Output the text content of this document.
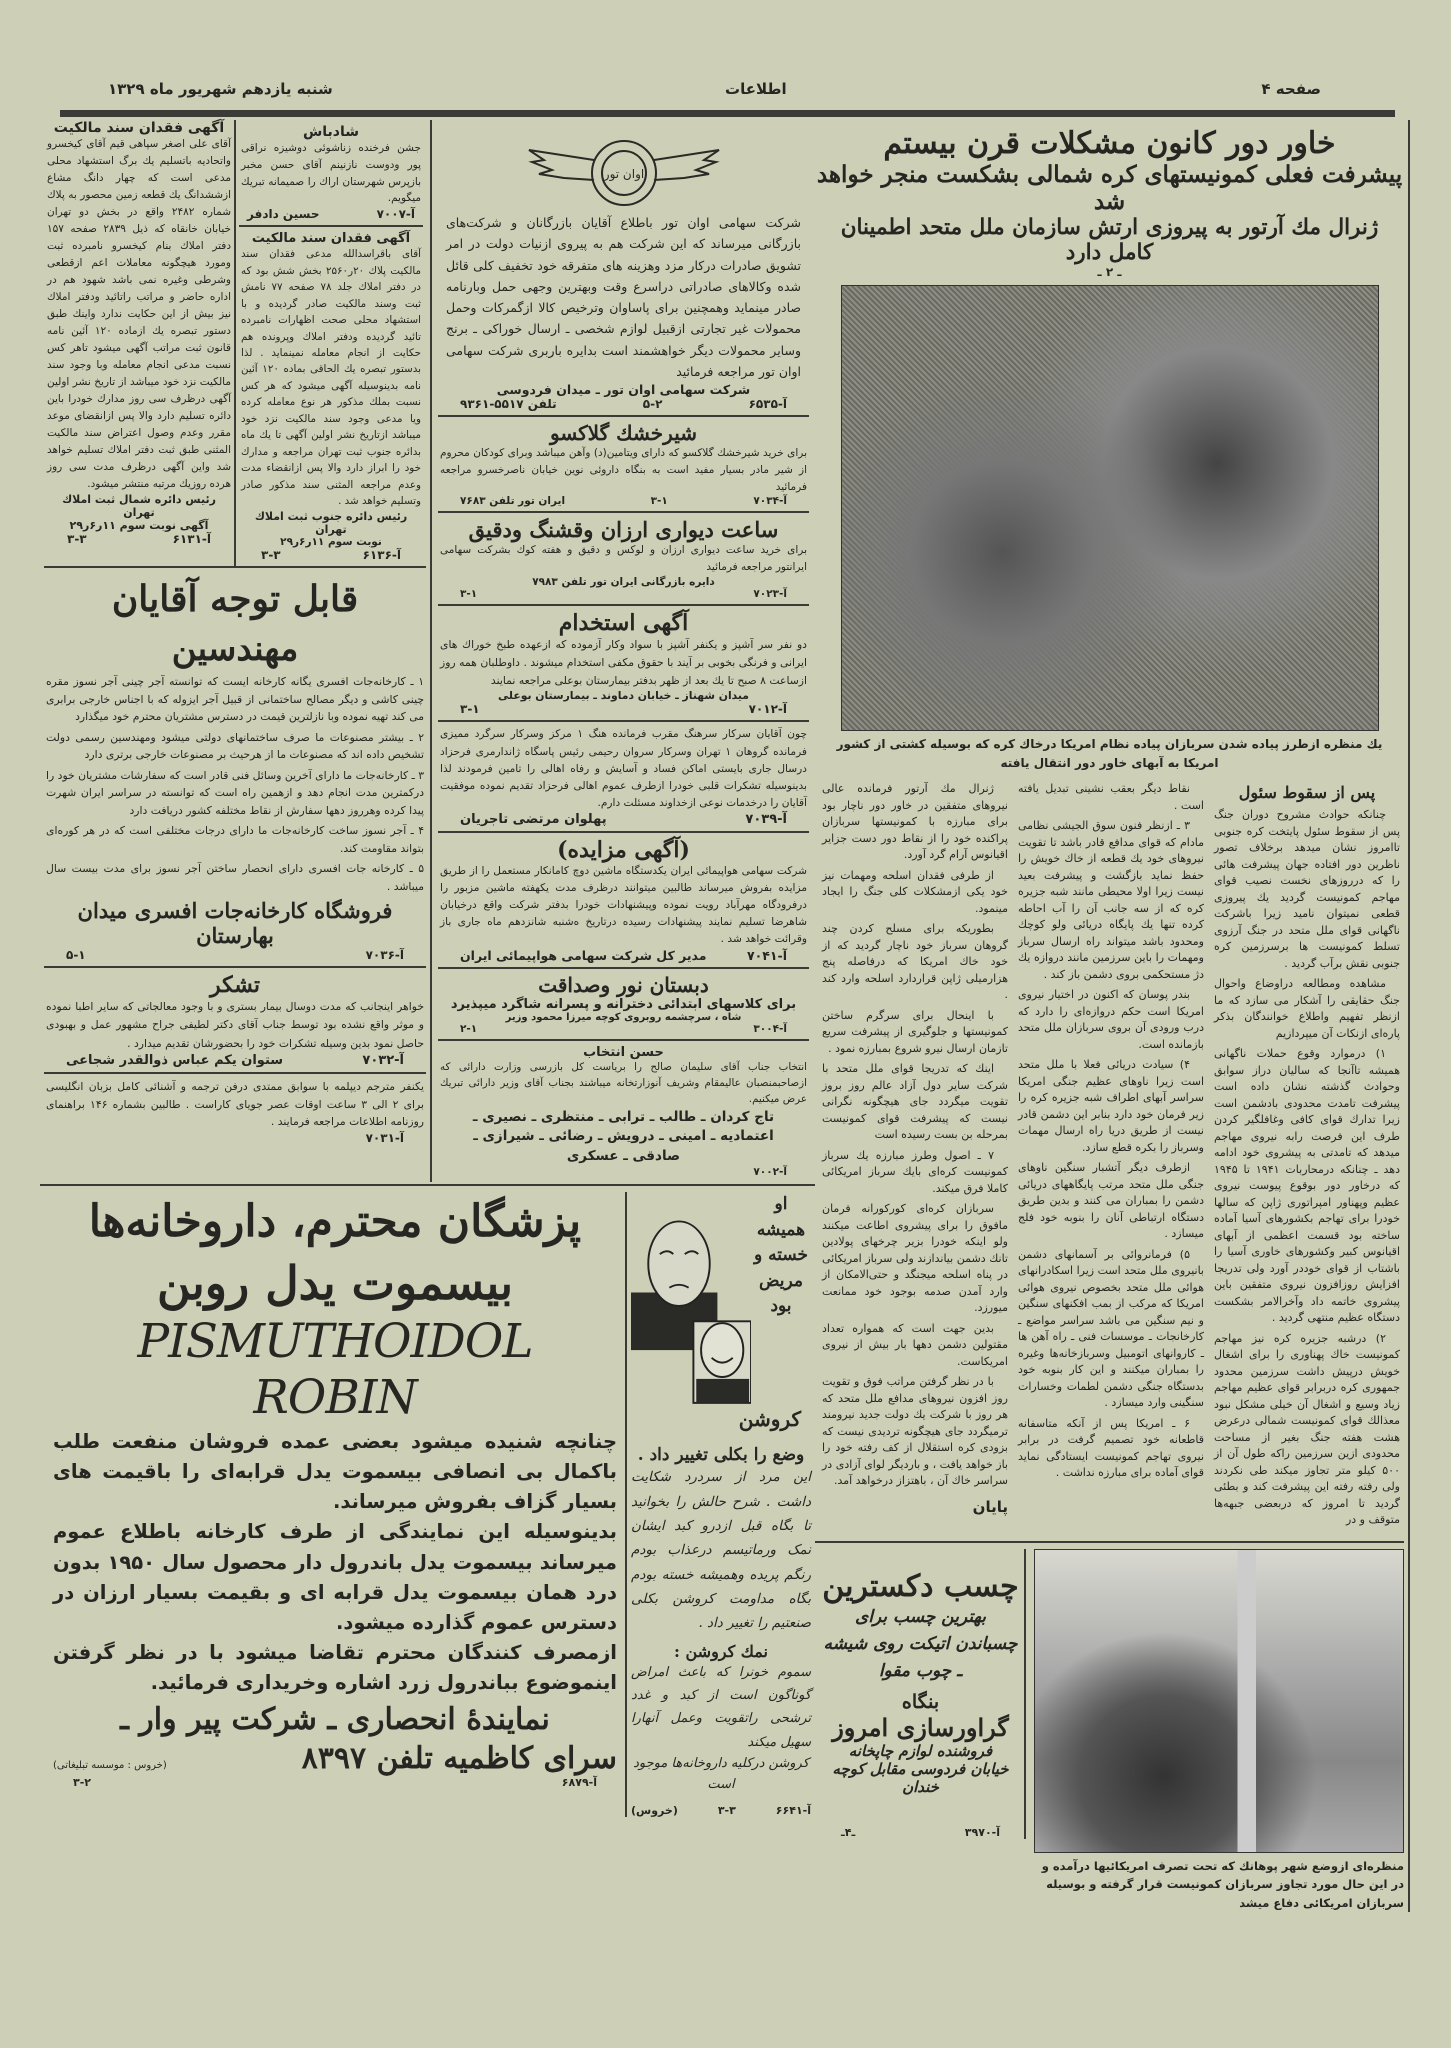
صفحه ۴
اطلاعات
شنبه یازدهم شهریور ماه ۱۳۲۹
اوان تور
شرکت سهامی اوان تور باطلاع آقایان بازرگانان و شرکت‌های بازرگانی میرساند که این شرکت هم به پیروی ازنیات دولت در امر تشویق صادرات درکار مزد وهزینه های متفرقه خود تخفیف کلی قائل شده وکالاهای صادراتی دراسرع وقت وبهترین وجهی حمل وبارنامه صادر مینماید وهمچنین برای پاساوان وترخیص کالا ازگمرکات وحمل محمولات غیر تجارتی ازقبیل لوازم شخصی ـ ارسال خوراکی ـ برنج وسایر محمولات دیگر خواهشمند است بدایره باربری شرکت سهامی اوان تور مراجعه فرمائید
شرکت سهامی اوان تور ـ میدان فردوسی
آ-۶۵۳۵
۵-۲
تلفن ۵۵۱۷-۹۳۶۱
شیرخشك گلاکسو
برای خرید شیرخشك گلاکسو که دارای ویتامین(د) وآهن میباشد وبرای کودکان محروم از شیر مادر بسیار مفید است به بنگاه داروئی نوین خیابان ناصرخسرو مراجعه فرمائید
آ-۷۰۳۴
۳-۱
ایران تور تلفن ۷۶۸۳
ساعت دیواری ارزان وقشنگ ودقیق
برای خرید ساعت دیواری ارزان و لوکس و دقیق و هفته کوك بشرکت سهامی ایرانتور مراجعه فرمائید
دایره بازرگانی ایران تور تلفن ۷۹۸۳
آ-۷۰۲۳
۳-۱
آگهی استخدام
دو نفر سر آشپز و یکنفر آشپز با سواد وکار آزموده که ازعهده طبخ خوراك های ایرانی و فرنگی بخوبی بر آیند با حقوق مکفی استخدام میشوند . داوطلبان همه روز ازساعت ۸ صبح تا یك بعد از ظهر بدفتر بیمارستان بوعلی مراجعه نمایند
میدان شهناز ـ خیابان دماوند ـ بیمارستان بوعلی
آ-۷۰۱۲
۳-۱
چون آقایان سرکار سرهنگ مقرب فرمانده هنگ ۱ مرکز وسرکار سرگرد ممیزی فرمانده گروهان ۱ تهران وسرکار سروان رحیمی رئیس پاسگاه ژاندارمری فرحزاد درسال جاری بایستی اماکن فساد و آسایش و رفاه اهالی را تامین فرمودند لذا بدینوسیله تشکرات قلبی خودرا ازطرف عموم اهالی فرحزاد تقدیم نموده موفقیت آقایان را درخدمات نوعی ازخداوند مسئلت دارم.
آ-۷۰۳۹
پهلوان مرتضی تاجریان
(آگهی مزایده)
شرکت سهامی هواپیمائی ایران یکدستگاه ماشین دوچ کامانکار مستعمل را از طریق مزایده بفروش میرساند طالبین میتوانند درظرف مدت یکهفته ماشین مزبور را درفرودگاه مهرآباد رویت نموده وپیشنهادات خودرا بدفتر شرکت واقع درخیابان شاهرضا تسلیم نمایند پیشنهادات رسیده درتاریخ ه‌شنبه شانزدهم ماه جاری باز وقرائت خواهد شد .
آ-۷۰۴۱
مدیر کل شرکت سهامی هواپیمائی ایران
دبستان نور وصداقت
برای کلاسهای ابتدائی دخترانه و پسرانه شاگرد میپذیرد
شاه ، سرچشمه روبروی کوچه میرزا محمود وزیر
آ-۳۰۰۴
۲-۱
حسن انتخاب
انتخاب جناب آقای سلیمان صالح را بریاست کل بازرسی وزارت دارائی که ازصاحبمنصبان عالیمقام وشریف آنوزارتخانه میباشند بجناب آقای وزیر دارائی تبریك عرض میکنیم.
تاج کردان ـ طالب ـ ترابی ـ منتظری ـ نصیری ـ
اعتمادیه ـ امینی ـ درویش ـ رضائی ـ شیرازی ـ
صادقی ـ عسکری
آ-۷۰۰۲
شادباش
جشن فرخنده زناشوئی دوشیزه نراقی پور ودوست نازنینم آقای حسن مخبر بازپرس شهرستان اراك را صمیمانه تبریك میگویم.
آ-۷۰۰۷
حسین دادفر
آگهی فقدان سند مالکیت
آقای باقراسدالله مدعی فقدان سند مالکیت پلاك ۲۰ر۲۵۶۰ بخش شش بود که در دفتر املاك جلد ۷۸ صفحه ۷۷ نامش ثبت وسند مالکیت صادر گردیده و با استشهاد محلی صحت اظهارات نامبرده تائید گردیده ودفتر املاك وپرونده هم حکایت از انجام معامله نمینماید . لذا بدستور تبصره یك الحاقی بماده ۱۲۰ آئین نامه بدینوسیله آگهی میشود که هر کس نسبت بملك مذکور هر نوع معامله کرده ویا مدعی وجود سند مالکیت نزد خود میباشد ازتاریخ نشر اولین آگهی تا یك ماه بدائره جنوب ثبت تهران مراجعه و مدارك خود را ابراز دارد والا پس ازانقضاء مدت وعدم مراجعه المثنی سند مذکور صادر وتسلیم خواهد شد .
رئیس دائره جنوب ثبت املاك تهران
نوبت سوم ۱۱ر۶ر۲۹
آ-۶۱۳۶
۳-۳
آگهی فقدان سند مالکیت
آقای علی اصغر سپاهی قیم آقای کیخسرو واتحادیه باتسلیم یك برگ استشهاد محلی مدعی است که چهار دانگ مشاع ازششدانگ یك قطعه زمین محصور به پلاك شماره ۲۴۸۲ واقع در بخش دو تهران خیابان خانقاه که ذیل ۲۸۳۹ صفحه ۱۵۷ دفتر املاك بنام کیخسرو نامبرده ثبت ومورد هیچگونه معاملات اعم ازقطعی وشرطی وغیره نمی باشد شهود هم در اداره حاضر و مراتب راتائید ودفتر املاك نیز بیش از این حکایت ندارد واینك طبق دستور تبصره یك ازماده ۱۲۰ آئین نامه قانون ثبت مراتب آگهی میشود تاهر کس نسبت مدعی انجام معامله وبا وجود سند مالکیت نزد خود میباشد از تاریخ نشر اولین آگهی درظرف سی روز مدارك خودرا باین دائره تسلیم دارد والا پس ازانقضای موعد مقرر وعدم وصول اعتراض سند مالکیت المثنی طبق ثبت دفتر املاك تسلیم خواهد شد واین آگهی درظرف مدت سی روز هرده روزیك مرتبه منتشر میشود.
رئیس دائره شمال ثبت املاك تهران
آگهی نوبت سوم ۱۱ر۶ر۲۹
آ-۶۱۳۱
۳-۳
قابل توجه آقایان
مهندسین

۱ ـ کارخانه‌جات افسری یگانه کارخانه ایست که توانسته آجر چینی آجر نسوز مقره چینی کاشی و دیگر مصالح ساختمانی از قبیل آجر ایزوله که با اجناس خارجی برابری می کند تهیه نموده وبا نازلترین قیمت در دسترس مشتریان محترم خود میگذارد

۲ ـ بیشتر مصنوعات ما صرف ساختمانهای دولتی میشود ومهندسین رسمی دولت تشخیص داده اند که مصنوعات ما از هرحیث بر مصنوعات خارجی برتری دارد

۳ ـ کارخانه‌جات ما دارای آخرین وسائل فنی قادر است که سفارشات مشتریان خود را درکمترین مدت انجام دهد و ازهمین راه است که توانسته در سراسر ایران شهرت پیدا کرده وهرروز دهها سفارش از نقاط مختلفه کشور دریافت دارد

۴ ـ آجر نسوز ساخت کارخانه‌جات ما دارای درجات مختلفی است که در هر کوره‌ای بتواند مقاومت کند.

۵ ـ کارخانه جات افسری دارای انحصار ساختن آجر نسوز برای مدت بیست سال میباشد .

فروشگاه کارخانه‌جات افسری میدان بهارستان
آ-۷۰۳۶
۵-۱
تشکر
خواهر اینجانب که مدت دوسال بیمار بستری و با وجود معالجاتی که سایر اطبا نموده و موثر واقع نشده بود توسط جناب آقای دکتر لطیفی جراح مشهور عمل و بهبودی حاصل نمود بدین وسیله تشکرات خود را بحضورشان تقدیم میدارد .
آ-۷۰۳۲
ستوان یکم عباس ذوالقدر شجاعی
یکنفر مترجم دیپلمه با سوابق ممتدی درفن ترجمه و آشنائی کامل بزبان انگلیسی برای ۲ الی ۳ ساعت اوقات عصر جویای کاراست . طالبین بشماره ۱۴۶ براهنمای روزنامه اطلاعات مراجعه فرمایند .
آ-۷۰۳۱
او همیشه خسته و مریض بود
کروشن
وضع را بکلی تغییر داد .
این مرد از سردرد شکایت داشت . شرح حالش را بخوانید تا بگاه قبل ازدرو کبد ایشان نمک ورماتیسم درعذاب بودم رنگم پریده وهمیشه خسته بودم بگاه مداومت کروشن بکلی صنعتیم را تغییر داد .
نمك کروشن :
سموم خونرا که باعث امراض گوناگون است از کبد و غدد ترشحی راتقویت وعمل آنهارا سهیل میکند
کروشن درکلیه داروخانه‌ها موجود است
آ-۶۶۴۱
۳-۳
(خروس)
پزشگان محترم، داروخانه‌ها
بیسموت یدل روبن
PISMUTHOIDOL ROBIN
چنانچه شنیده میشود بعضی عمده فروشان منفعت طلب باکمال بی انصافی بیسموت یدل قرابه‌ای را باقیمت های بسیار گزاف بفروش میرساند.
بدینوسیله این نمایندگی از طرف کارخانه باطلاع عموم میرساند بیسموت یدل باندرول دار محصول سال ۱۹۵۰ بدون درد همان بیسموت یدل قرابه ای و بقیمت بسیار ارزان در دسترس عموم گذارده میشود.
ازمصرف کنندگان محترم تقاضا میشود با در نظر گرفتن اینموضوع بباندرول زرد اشاره وخریداری فرمائید.
نمایندهٔ انحصاری ـ شرکت پیر وار ـ
سرای کاظمیه تلفن ۸۳۹۷
(خروس : موسسه تبلیغاتی)
آ-۶۸۷۹
۳-۲
خاور دور کانون مشکلات قرن بیستم
پیشرفت فعلی کمونیستهای کره شمالی بشکست منجر خواهد شد
ژنرال مك آرتور به پیروزی ارتش سازمان ملل متحد اطمینان کامل دارد
ـ ۲ ـ
یك منظره ازطرز پیاده شدن سربازان پیاده نظام امریکا درخاك کره که بوسیله کشتی از کشور امریکا به آبهای خاور دور انتقال یافته
پس از سقوط سئول

چنانکه حوادث مشروح دوران جنگ پس از سقوط سئول پایتخت کره جنوبی تاامروز نشان میدهد برخلاف تصور ناظرین دور افتاده جهان پیشرفت هائی را که درروزهای نخست نصیب قوای مهاجم کمونیست گردید یك پیروزی قطعی نمیتوان نامید زیرا باشرکت ناگهانی قوای ملل متحد در جنگ آرزوی تسلط کمونیست ها برسرزمین کره جنوبی نقش برآب گردید .

مشاهده ومطالعه دراوضاع واحوال جنگ حقایقی را آشکار می سازد که ما ازنظر تفهیم واطلاع خوانندگان بذکر پاره‌ای ازنکات آن میپردازیم

۱) درموارد وقوع حملات ناگهانی همیشه تاآنجا که سالیان دراز سوابق وحوادث گذشته نشان داده است پیشرفت تامدت محدودی بادشمن است زیرا تدارك قوای کافی وغافلگیر کردن طرف این فرصت رابه نیروی مهاجم میدهد که تامدتی به پیشروی خود ادامه دهد ـ چنانکه درمحاربات ۱۹۴۱ تا ۱۹۴۵ که درخاور دور بوقوع پیوست نیروی عظیم وپهناور امپراتوری ژاپن که سالها خودرا برای تهاجم بکشورهای آسیا آماده ساخته بود قسمت اعظمی از آبهای اقیانوس کبیر وکشورهای خاوری آسیا را باشتاب از قوای خوددر آورد ولی تدریجا افزایش روزافزون نیروی متفقین باین پیشروی خاتمه داد وآخرالامر بشکست دستگاه عظیم منتهی گردید .

۲) درشبه جزیره کره نیز مهاجم کمونیست خاك پهناوری را برای اشغال خویش درپیش داشت سرزمین محدود جمهوری کره دربرابر قوای عظیم مهاجم زیاد وسیع و اشغال آن خیلی مشکل نبود معذالك قوای کمونیست شمالی درعرض هشت هفته جنگ بغیر از مساحت محدودی ازین سرزمین راکه طول آن از ۵۰۰ کیلو متر تجاوز میکند طی نکردند ولی رفته رفته این پیشرفت کند و بطئی گردید تا امروز که دربعضی جبهه‌ها متوقف و در

نقاط دیگر بعقب نشینی تبدیل یافته است .

۳ ـ ازنظر فنون سوق الجیشی نظامی مادام که قوای مدافع قادر باشد تا تقویت نیروهای خود یك قطعه از خاك خویش را حفظ نماید بازگشت و پیشرفت بعید نیست زیرا اولا محیطی مانند شبه جزیره کره که از سه جانب آن را آب احاطه کرده تنها یك پایگاه دریائی ولو کوچك ومحدود باشد میتواند راه ارسال سرباز ومهمات را باین سرزمین مانند دروازه یك دژ مستحکمی بروی دشمن باز کند .

بندر پوسان که اکنون در اختیار نیروی امریکا است حکم دروازه‌ای را دارد که درب ورودی آن بروی سربازان ملل متحد بازمانده است.

۴) سیادت دریائی فعلا با ملل متحد است زیرا ناوهای عظیم جنگی امریکا سراسر آبهای اطراف شبه جزیره کره را زیر فرمان خود دارد بنابر این دشمن قادر نیست از طریق دریا راه ارسال مهمات وسرباز را بکره قطع سازد.

ازطرف دیگر آتشبار سنگین ناوهای جنگی ملل متحد مرتب پایگاههای دریائی دشمن را بمباران می کنند و بدین طریق دستگاه ارتباطی آنان را بنوبه خود فلج میسازد .

۵) فرمانروائی بر آسمانهای دشمن بانیروی ملل متحد است زیرا اسکادرانهای هوائی ملل متحد بخصوص نیروی هوائی امریکا که مرکب از بمب افکنهای سنگین و نیم سنگین می باشد سراسر مواضع ـ کارخانجات ـ موسسات فنی ـ راه آهن ها ـ کاروانهای اتومبیل وسربازخانه‌ها وغیره را بمباران میکنند و این کار بنوبه خود بدستگاه جنگی دشمن لطمات وخسارات سنگینی وارد میسازد .

۶ ـ امریکا پس از آنکه متاسفانه قاطعانه خود تصمیم گرفت در برابر نیروی تهاجم کمونیست ایستادگی نماید قوای آماده برای مبارزه نداشت .

ژنرال مك آرتور فرمانده عالی نیروهای متفقین در خاور دور ناچار بود برای مبارزه با کمونیستها سربازان پراکنده خود را از نقاط دور دست جزایر اقیانوس آرام گرد آورد.

از طرفی فقدان اسلحه ومهمات نیز خود یکی ازمشکلات کلی جنگ را ایجاد مینمود.

بطوریکه برای مسلح کردن چند گروهان سرباز خود ناچار گردید که از خود خاك امریکا که درفاصله پنج هزارمیلی ژاپن قراردارد اسلحه وارد کند .

با اینحال برای سرگرم ساختن کمونیستها و جلوگیری از پیشرفت سریع تازمان ارسال نیرو شروع بمبارزه نمود .

اینك که تدریجا قوای ملل متحد با شرکت سایر دول آزاد عالم روز بروز تقویت میگردد جای هیچگونه نگرانی نیست که پیشرفت قوای کمونیست بمرحله بن بست رسیده است

۷ ـ اصول وطرز مبارزه یك سرباز کمونیست کره‌ای بایك سرباز امریکائی کاملا فرق میکند.

سربازان کره‌ای کورکورانه فرمان مافوق را برای پیشروی اطاعت میکنند ولو اینکه خودرا بزیر چرخهای پولادین تانك دشمن بیاندازند ولی سرباز امریکائی در پناه اسلحه میجنگد و حتی‌الامکان از وارد آمدن صدمه بوجود خود ممانعت میورزد.

بدین جهت است که همواره تعداد مقتولین دشمن دهها بار بیش از نیروی امریکاست.

با در نظر گرفتن مراتب فوق و تقویت روز افزون نیروهای مدافع ملل متحد که هر روز با شرکت یك دولت جدید نیرومند ترمیگردد جای هیچگونه تردیدی نیست که بزودی کره استقلال از کف رفته خود را باز خواهد یافت ، و باردیگر لوای آزادی در سراسر خاك آن ، باهتزاز درخواهد آمد.

پایان
منظره‌ای ازوضع شهر پوهانك که تحت تصرف امریکائیها درآمده و در این حال مورد تجاوز سربازان کمونیست قرار گرفته و بوسیله سربازان امریکائی دفاع میشد
چسب دکسترین
بهترین چسب برای چسباندن اتیکت روی شیشه ـ چوب مقوا
بنگاه
گراورسازی امروز
فروشنده لوازم چاپخانه
خیابان فردوسی مقابل کوچه خندان
آ-۳۹۷۰
ـ۴ـ
